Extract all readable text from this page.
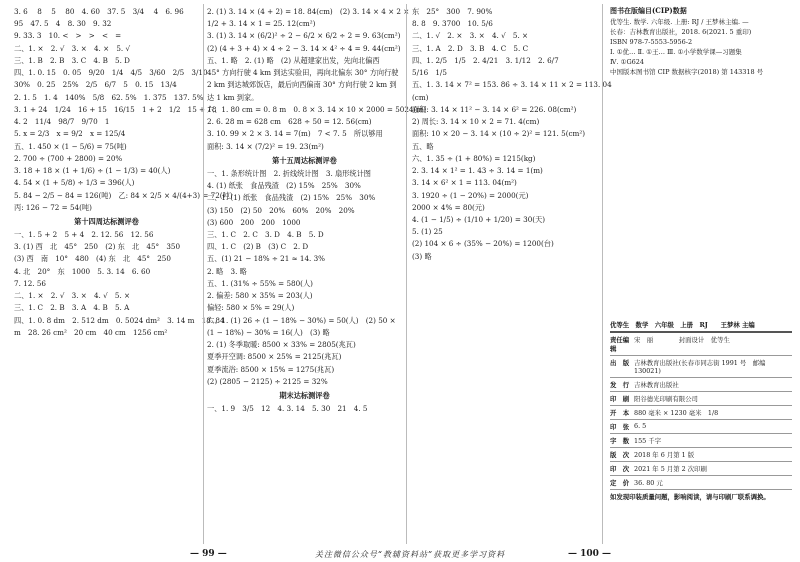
3. 6　 8　 5　 80　4. 60　37. 5　3/4　 4　6. 96
95　47. 5　4　8. 30　9. 32
9. 33. 3　10. <　>　>　<　=
二、1. ×　2. √　3. ×　4. ×　5. √
三、1. B　2. B　3. C　4. B　5. D
四、1. 0. 15　0. 05　9/20　1/4　4/5　3/60　2/5　3/10
30%　0. 25　25%　2/5　6/7　5　0. 15　13/4
2. 1. 5　1. 4　140%　5/8　62. 5%　1. 375　137. 5%
3. 1 + 24　1/24　16 + 15　16/15　1 + 2　1/2　15 + 18
4. 2　11/4　98/7　9/70　1
5. x = 2/3　x = 9/2　x = 125/4
五、1. 450 × (1 − 5/6) = 75(吨)
2. 700 ÷ (700 + 2800) = 20%
3. 18 + 18 × (1 + 1/6) ÷ (1 − 1/3) = 40(人)
4. 54 × (1 + 5/8) ÷ 1/3 = 396(人)
5. 84 − 2/5 − 84 = 126(吨)　乙: 84 × 2/5 × 4/(4+3) = 72(吨)
丙: 126 − 72 = 54(吨)
第十四周达标测评卷
一、1. 5 + 2　5 + 4　2. 12. 56　12. 56
3. (1) 西　北　45°　250　(2) 东　北　45°　350
(3) 西　南　10°　480　(4) 东　北　45°　250
4. 北　20°　东　1000　5. 3. 14　6. 60
7. 12. 56
二、1. ×　2. √　3. ×　4. √　5. ×
三、1. C　2. B　3. A　4. B　5. A
四、1. 0. 8 dm　2. 512 dm　0. 5024 dm²　3. 14 m　18. 84
m　28. 26 cm²　20 cm　40 cm　1256 cm²
2. (1) 3. 14 × (4 + 2) = 18. 84(cm)　(2) 3. 14 × 4 × 2 ×
1/2 + 3. 14 × 1 = 25. 12(cm²)
3. (1) 3. 14 × (6/2)² ÷ 2 − 6/2 × 6/2 ÷ 2 = 9. 63(cm²)
(2) (4 + 3 + 4) × 4 ÷ 2 − 3. 14 × 4² ÷ 4 = 9. 44(cm²)
五、1. 略　2. (1) 略　(2) 从超建家出发，先向北偏西
45° 方向行驶 4 km 到达实验田，再向北偏东 30° 方向行驶
2 km 到达城郊饭店，最后向西偏南 30° 方向行驶 2 km 到
达 1 km 到家。
六、1. 80 cm = 0. 8 m　0. 8 × 3. 14 × 10 × 2000 = 5024(m)
2. 6. 28 m = 628 cm　628 ÷ 50 = 12. 56(cm)
3. 10. 99 × 2 × 3. 14 = 7(m)　7 < 7. 5　所以够用
面积: 3. 14 × (7/2)² = 19. 23(m²)
第十五周达标测评卷
一、1. 条形统计图　2. 折线统计图　3. 扇形统计图
4. (1) 纸张　食品残渣　(2) 15%　25%　30%
二、1. (1) 纸张　食品残渣　(2) 15%　25%　30%
(3) 150　(2) 50　20%　60%　20%　20%
(3) 600　200　200　1000
三、1. C　2. C　3. D　4. B　5. D
四、1. C　(2) B　(3) C　2. D
五、(1) 21 − 18% ÷ 21 ≈ 14. 3%
2. 略　3. 略
五、1. (31% ÷ 55% = 580(人)
2. 偏差: 580 × 35% = 203(人)
偏轻: 580 × 5% = 29(人)
六、1. (1) 26 ÷ (1 − 18% − 30%) = 50(人)　(2) 50 ×
(1 − 18%) − 30% = 16(人)　(3) 略
2. (1) 冬季取暖: 8500 × 33% = 2805(兆瓦)
夏季开空调: 8500 × 25% = 2125(兆瓦)
夏季流浴: 8500 × 15% = 1275(兆瓦)
(2) (2805 − 2125) ÷ 2125 = 32%
期末达标测评卷
一、1. 9　3/5　12　4. 3. 14　5. 30　21　4. 5
东　25°　300　7. 90%
8. 8　9. 3700　10. 5/6
二、1. √　2. ×　3. ×　4. √　5. ×
三、1. A　2. D　3. B　4. C　5. C
四、1. 2/5　1/5　2. 4/21　3. 1/12　2. 6/7
5/16　1/5
五、1. 3. 14 × 7² = 153. 86 ÷ 3. 14 × 11 × 2 = 113. 04
(cm)
面积: 3. 14 × 11² − 3. 14 × 6² = 226. 08(cm²)
2) 周长: 3. 14 × 10 × 2 = 71. 4(cm)
面积: 10 × 20 − 3. 14 × (10 ÷ 2)² = 121. 5(cm²)
五、略
六、1. 35 ÷ (1 + 80%) = 1215(kg)
2. 3. 14 × 1² = 1. 43 ÷ 3. 14 = 1(m)
3. 14 × 6² × 1 = 113. 04(m²)
3. 1920 ÷ (1 − 20%) = 2000(元)
2000 × 4% = 80(元)
4. (1 − 1/5) ÷ (1/10 + 1/20) = 30(天)
5. (1) 25
(2) 104 × 6 ÷ (35% − 20%) = 1200(台)
(3) 略
图书在版编目(CIP)数据
优等生. 数学. 六年级. 上册: RJ / 王梦林主编. —
长春：吉林教育出版社，2018. 6(2021. 5 重印)
ISBN 978-7-5553-5956-2
Ⅰ. ①优… Ⅱ. ①王… Ⅲ. ①小学数学课—习题集
Ⅳ. ①G624
中国版本图书馆 CIP 数据核字(2018) 第 143318 号
优等生　数学　六年级　上册　RJ　　王梦林 主编
责任编辑
宋　丽　　　　封面设计　优等生
出　版 吉林教育出版社(长春市同志街 1991 号　邮编 130021)
发　行 吉林教育出版社
印　刷 阳谷德光印刷有限公司
开　本 880 毫米 × 1230 毫米　1/8
印　张 6. 5
字　数 155 千字
版　次 2018 年 6 月第 1 版
印　次 2021 年 5 月第 2 次印刷
定　价 36. 80 元
如发现印装质量问题，影响阅读，请与印刷厂联系调换。
— 99 —	— 100 —
关注微信公众号“教辅资料站”获取更多学习资料
